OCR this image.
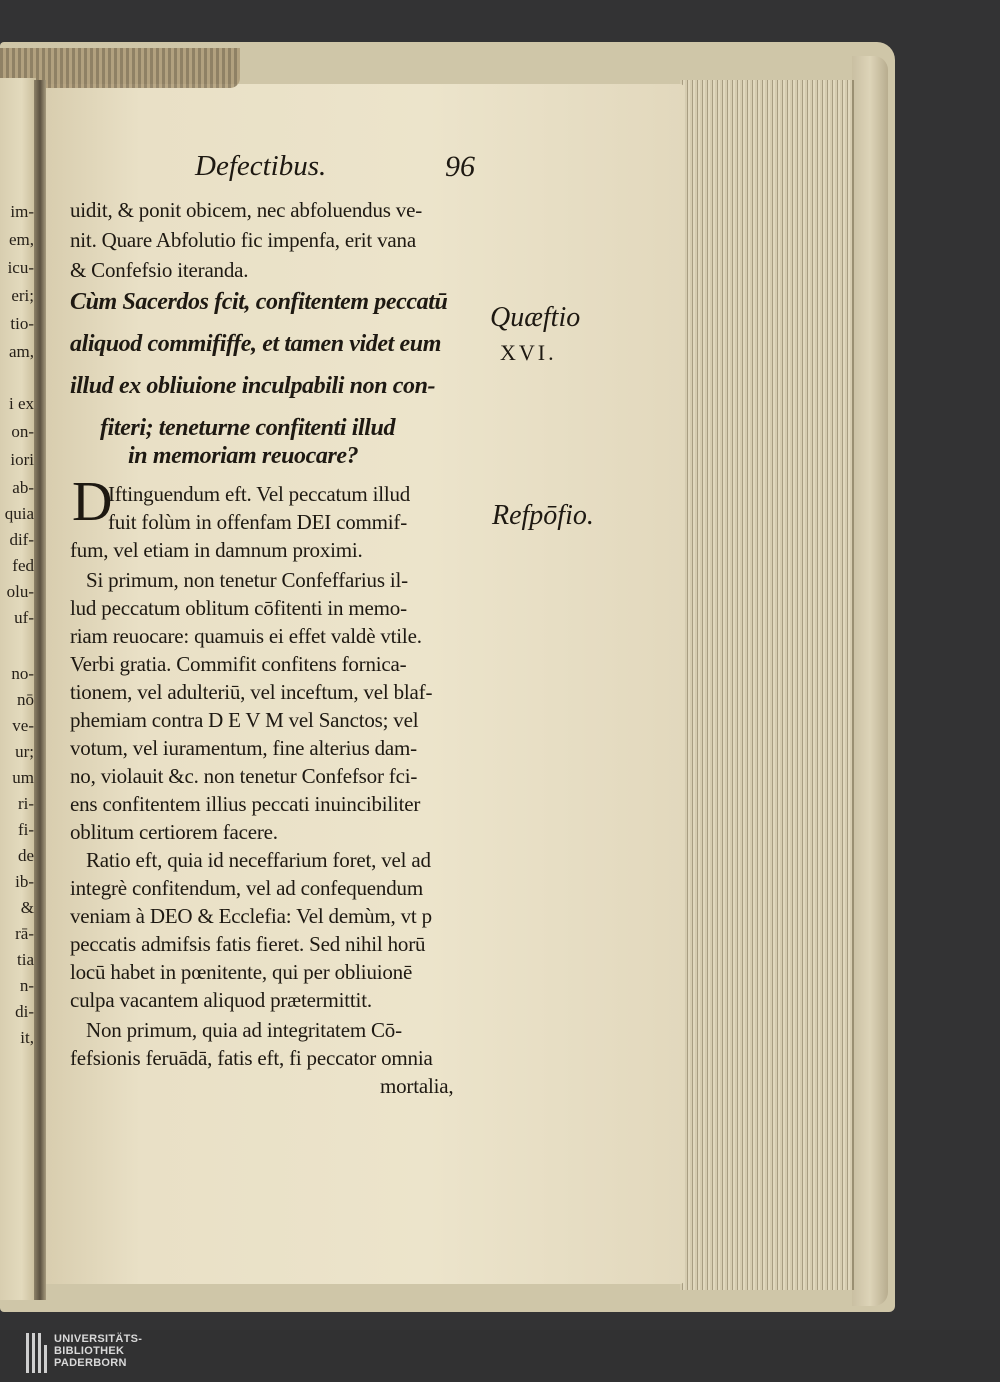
im-
em,
icu-
eri;
tio-
am,
i ex
on-
iori
ab-
quia
dif-
fed
olu-
uf-
no-
nō
ve-
ur;
um
ri-
fi-
de
ib-
&
rā-
tia
n-
di-
it,
Defectibus.	96
uidit, & ponit obicem, nec abfoluendus ve-
nit. Quare Abfolutio fic impenfa, erit vana
& Confefsio iteranda.
Cùm Sacerdos fcit, confitentem peccatū
aliquod commififfe, et tamen videt eum
illud ex obliuione inculpabili non con-
fiteri; teneturne confitenti illud
in memoriam reuocare?
D
Iftinguendum eft. Vel peccatum illud
fuit folùm in offenfam DEI commif-
fum, vel etiam in damnum proximi.
Si primum, non tenetur Confeffarius il-
lud peccatum oblitum cōfitenti in memo-
riam reuocare: quamuis ei effet valdè vtile.
Verbi gratia. Commifit confitens fornica-
tionem, vel adulteriū, vel inceftum, vel blaf-
phemiam contra D E V M vel Sanctos; vel
votum, vel iuramentum, fine alterius dam-
no, violauit &c. non tenetur Confefsor fci-
ens confitentem illius peccati inuincibiliter
oblitum certiorem facere.
Ratio eft, quia id neceffarium foret, vel ad
integrè confitendum, vel ad confequendum
veniam à DEO & Ecclefia: Vel demùm, vt p
peccatis admifsis fatis fieret. Sed nihil horū
locū habet in pœnitente, qui per obliuionē
culpa vacantem aliquod prætermittit.
Non primum, quia ad integritatem Cō-
fefsionis feruādā, fatis eft, fi peccator omnia
mortalia,
Quæftio
XVI.
Refpōfio.
UNIVERSITÄTS-
BIBLIOTHEK
PADERBORN
